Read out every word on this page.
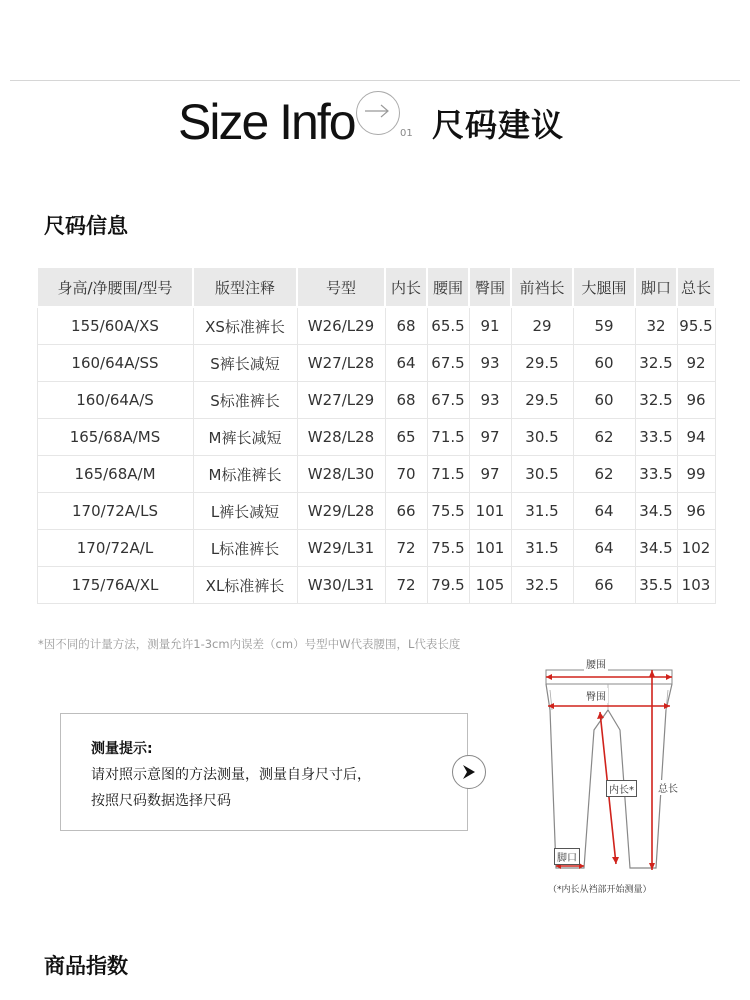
Size Info	01 尺码建议
尺码信息
身高/净腰围/型号	版型注释	号型	内长	腰围	臀围	前裆长	大腿围	脚口	总长
155/60A/XS	XS标准裤长	W26/L29	68	65.5	91	29	59	32	95.5
160/64A/SS	S裤长减短	W27/L28	64	67.5	93	29.5	60	32.5	92
160/64A/S	S标准裤长	W27/L29	68	67.5	93	29.5	60	32.5	96
165/68A/MS	M裤长减短	W28/L28	65	71.5	97	30.5	62	33.5	94
165/68A/M	M标准裤长	W28/L30	70	71.5	97	30.5	62	33.5	99
170/72A/LS	L裤长减短	W29/L28	66	75.5	101	31.5	64	34.5	96
170/72A/L	L标准裤长	W29/L31	72	75.5	101	31.5	64	34.5	102
175/76A/XL	XL标准裤长	W30/L31	72	79.5	105	32.5	66	35.5	103
*因不同的计量方法，测量允许1-3cm内误差（cm）号型中W代表腰围，L代表长度
测量提示:
请对照示意图的方法测量，测量自身尺寸后，
按照尺码数据选择尺码
腰围
臀围
内长*	总长
脚口
（*内长从裆部开始测量）
商品指数
